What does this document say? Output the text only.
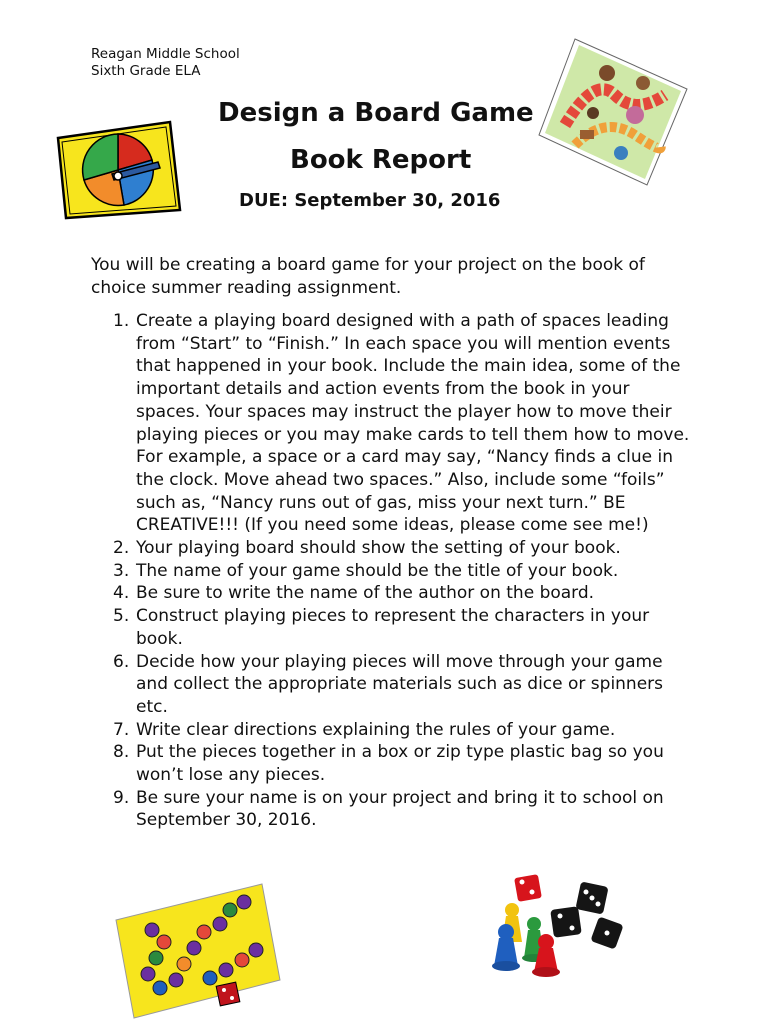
Reagan Middle School
Sixth Grade ELA
Design a Board Game
Book Report
DUE: September 30, 2016
You will be creating a board game for your project on the book of choice summer reading assignment.
1. Create a playing board designed with a path of spaces leading from “Start” to “Finish.” In each space you will mention events that happened in your book. Include the main idea, some of the important details and action events from the book in your spaces. Your spaces may instruct the player how to move their playing pieces or you may make cards to tell them how to move. For example, a space or a card may say, “Nancy finds a clue in the clock. Move ahead two spaces.” Also, include some “foils” such as, “Nancy runs out of gas, miss your next turn.” BE CREATIVE!!! (If you need some ideas, please come see me!)
2. Your playing board should show the setting of your book.
3. The name of your game should be the title of your book.
4. Be sure to write the name of the author on the board.
5. Construct playing pieces to represent the characters in your book.
6. Decide how your playing pieces will move through your game and collect the appropriate materials such as dice or spinners etc.
7. Write clear directions explaining the rules of your game.
8. Put the pieces together in a box or zip type plastic bag so you won’t lose any pieces.
9. Be sure your name is on your project and bring it to school on September 30, 2016.
